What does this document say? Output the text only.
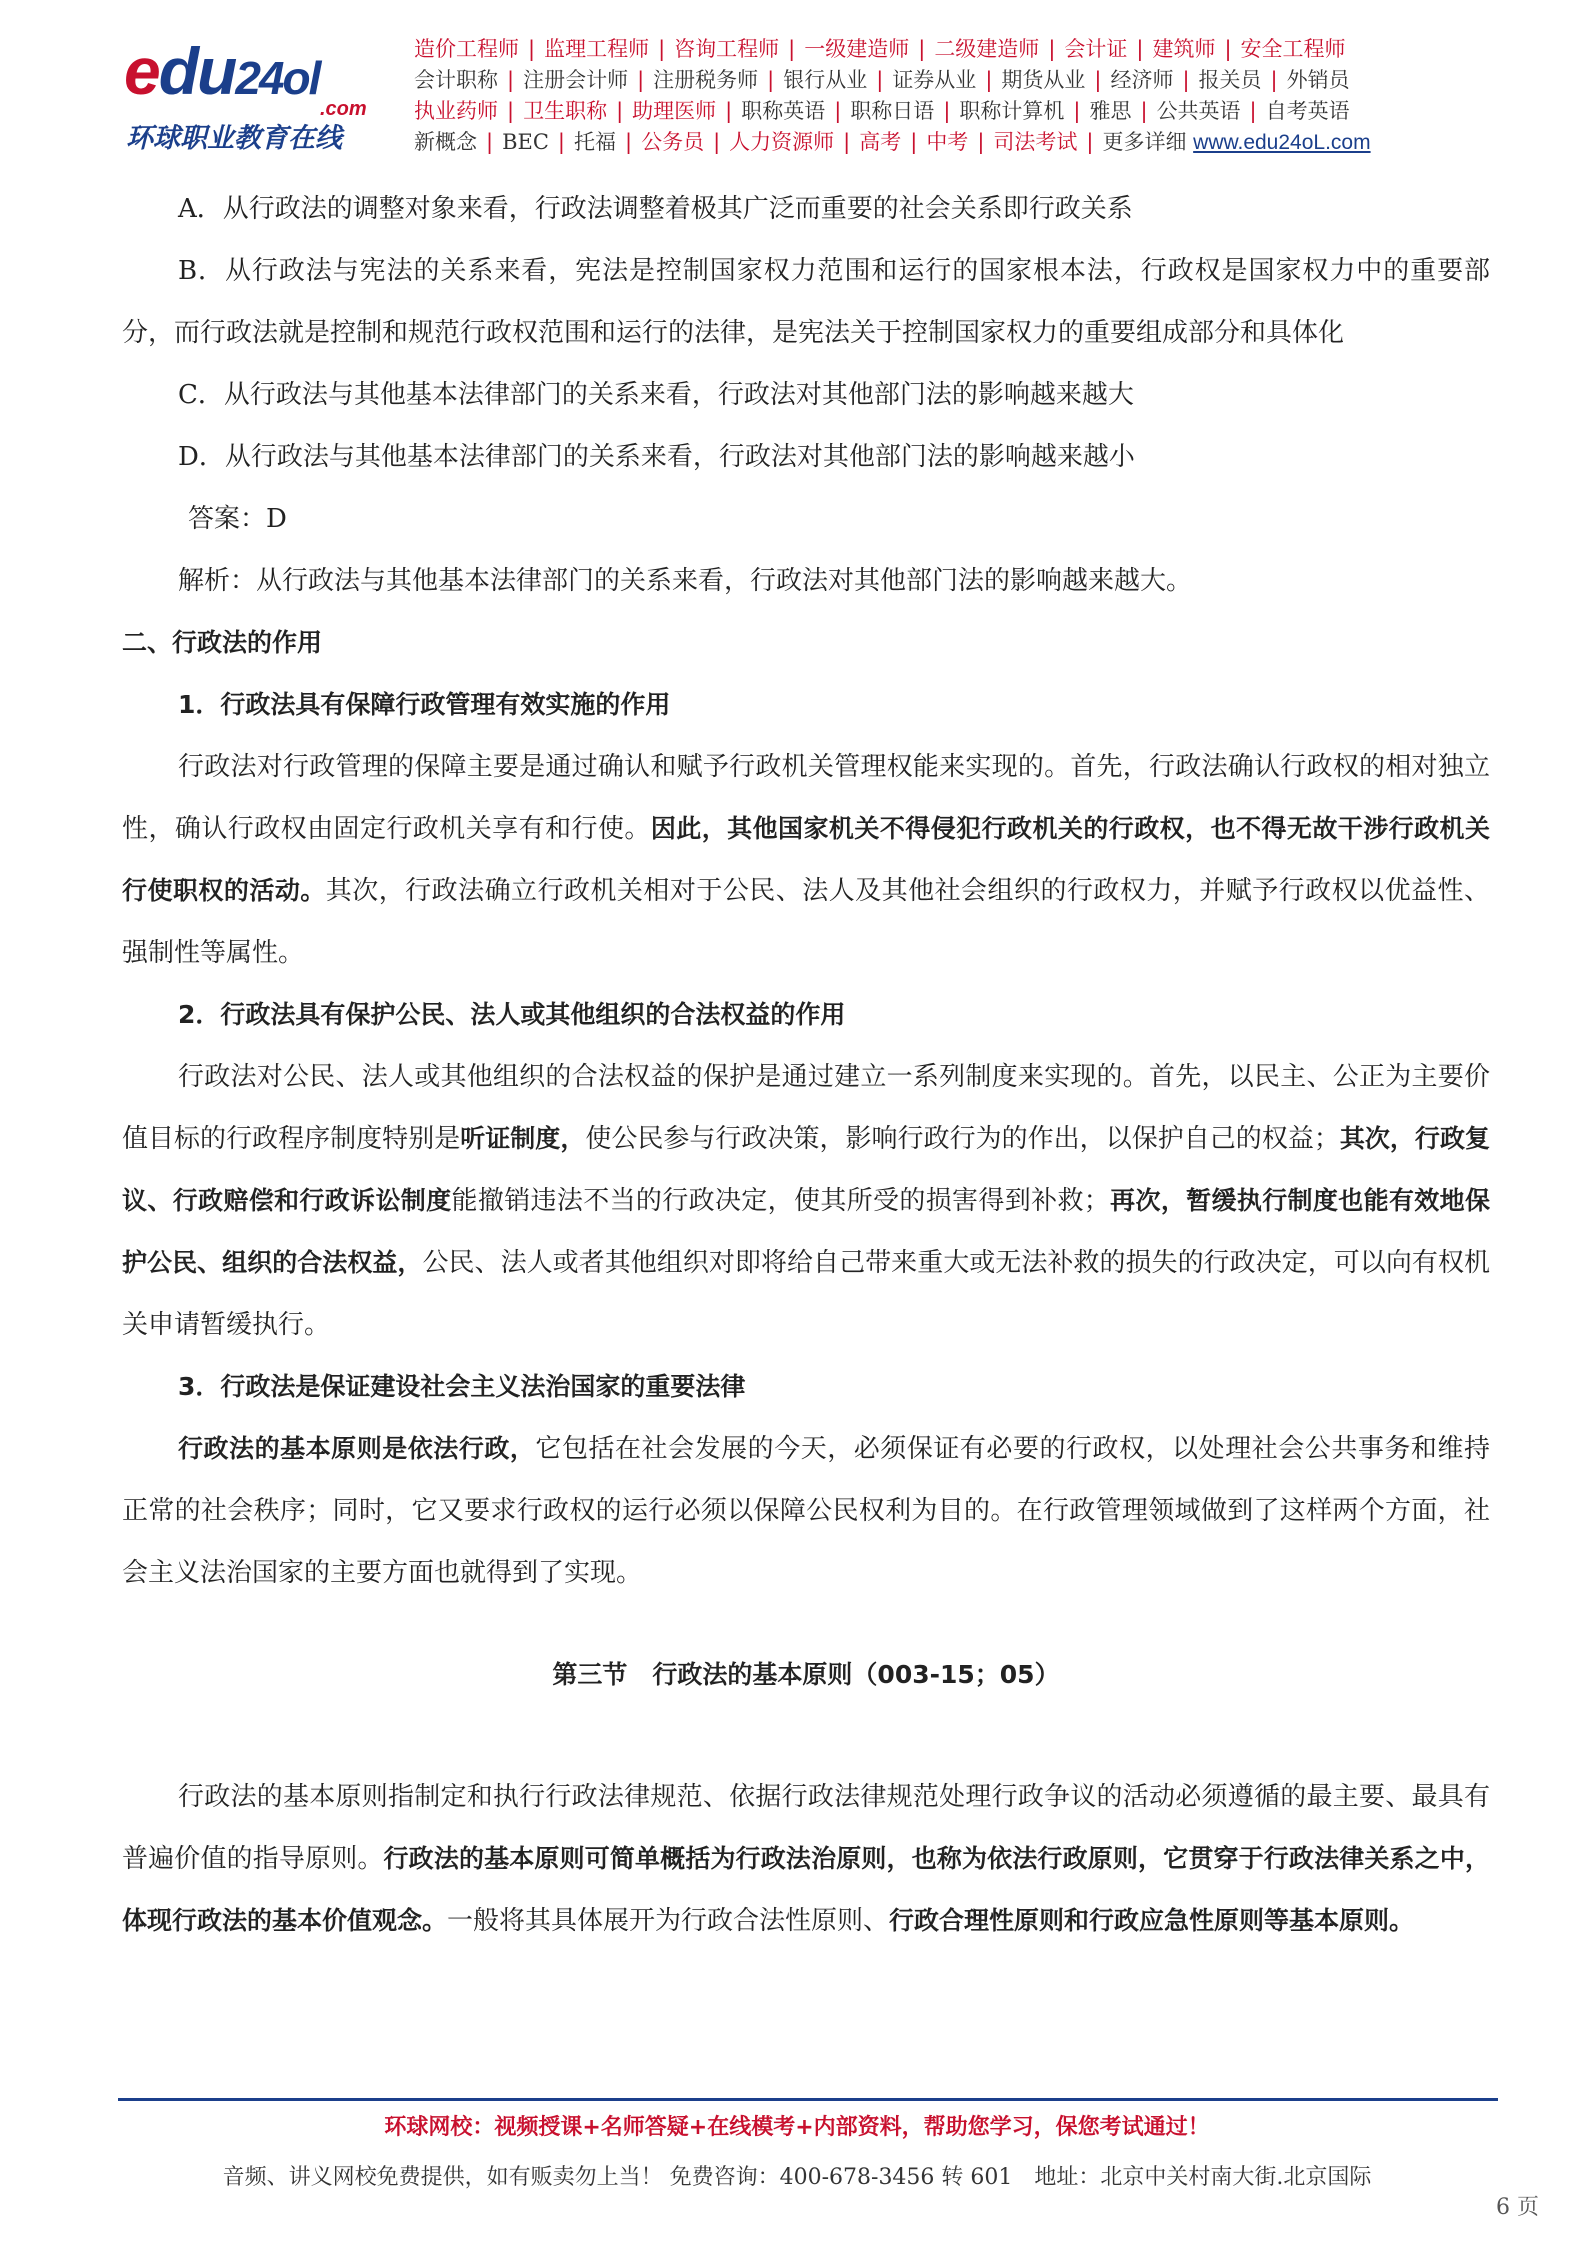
edu24ol
.com
环球职业教育在线
造价工程师 | 监理工程师 | 咨询工程师 | 一级建造师 | 二级建造师 | 会计证 | 建筑师 | 安全工程师
会计职称 | 注册会计师 | 注册税务师 | 银行从业 | 证券从业 | 期货从业 | 经济师 | 报关员 | 外销员
执业药师 | 卫生职称 | 助理医师 | 职称英语 | 职称日语 | 职称计算机 | 雅思 | 公共英语 | 自考英语
新概念 | BEC | 托福 | 公务员 | 人力资源师 | 高考 | 中考 | 司法考试 | 更多详细 www.edu24oL.com

A．从行政法的调整对象来看，行政法调整着极其广泛而重要的社会关系即行政关系

B．从行政法与宪法的关系来看，宪法是控制国家权力范围和运行的国家根本法，行政权是国家权力中的重要部分，而行政法就是控制和规范行政权范围和运行的法律，是宪法关于控制国家权力的重要组成部分和具体化

C．从行政法与其他基本法律部门的关系来看，行政法对其他部门法的影响越来越大

D．从行政法与其他基本法律部门的关系来看，行政法对其他部门法的影响越来越小

答案：D

解析：从行政法与其他基本法律部门的关系来看，行政法对其他部门法的影响越来越大。

二、行政法的作用

1．行政法具有保障行政管理有效实施的作用

行政法对行政管理的保障主要是通过确认和赋予行政机关管理权能来实现的。首先，行政法确认行政权的相对独立性，确认行政权由固定行政机关享有和行使。因此，其他国家机关不得侵犯行政机关的行政权，也不得无故干涉行政机关行使职权的活动。其次，行政法确立行政机关相对于公民、法人及其他社会组织的行政权力，并赋予行政权以优益性、强制性等属性。

2．行政法具有保护公民、法人或其他组织的合法权益的作用

行政法对公民、法人或其他组织的合法权益的保护是通过建立一系列制度来实现的。首先，以民主、公正为主要价值目标的行政程序制度特别是听证制度，使公民参与行政决策，影响行政行为的作出，以保护自己的权益；其次，行政复议、行政赔偿和行政诉讼制度能撤销违法不当的行政决定，使其所受的损害得到补救；再次，暂缓执行制度也能有效地保护公民、组织的合法权益，公民、法人或者其他组织对即将给自己带来重大或无法补救的损失的行政决定，可以向有权机关申请暂缓执行。

3．行政法是保证建设社会主义法治国家的重要法律

行政法的基本原则是依法行政，它包括在社会发展的今天，必须保证有必要的行政权，以处理社会公共事务和维持正常的社会秩序；同时，它又要求行政权的运行必须以保障公民权利为目的。在行政管理领域做到了这样两个方面，社会主义法治国家的主要方面也就得到了实现。

第三节　行政法的基本原则（003-15；05）

行政法的基本原则指制定和执行行政法律规范、依据行政法律规范处理行政争议的活动必须遵循的最主要、最具有普遍价值的指导原则。行政法的基本原则可简单概括为行政法治原则，也称为依法行政原则，它贯穿于行政法律关系之中，体现行政法的基本价值观念。一般将其具体展开为行政合法性原则、行政合理性原则和行政应急性原则等基本原则。

环球网校：视频授课+名师答疑+在线模考+内部资料，帮助您学习，保您考试通过！
音频、讲义网校免费提供，如有贩卖勿上当！ 免费咨询：400-678-3456 转 601　地址：北京中关村南大街.北京国际
6 页
